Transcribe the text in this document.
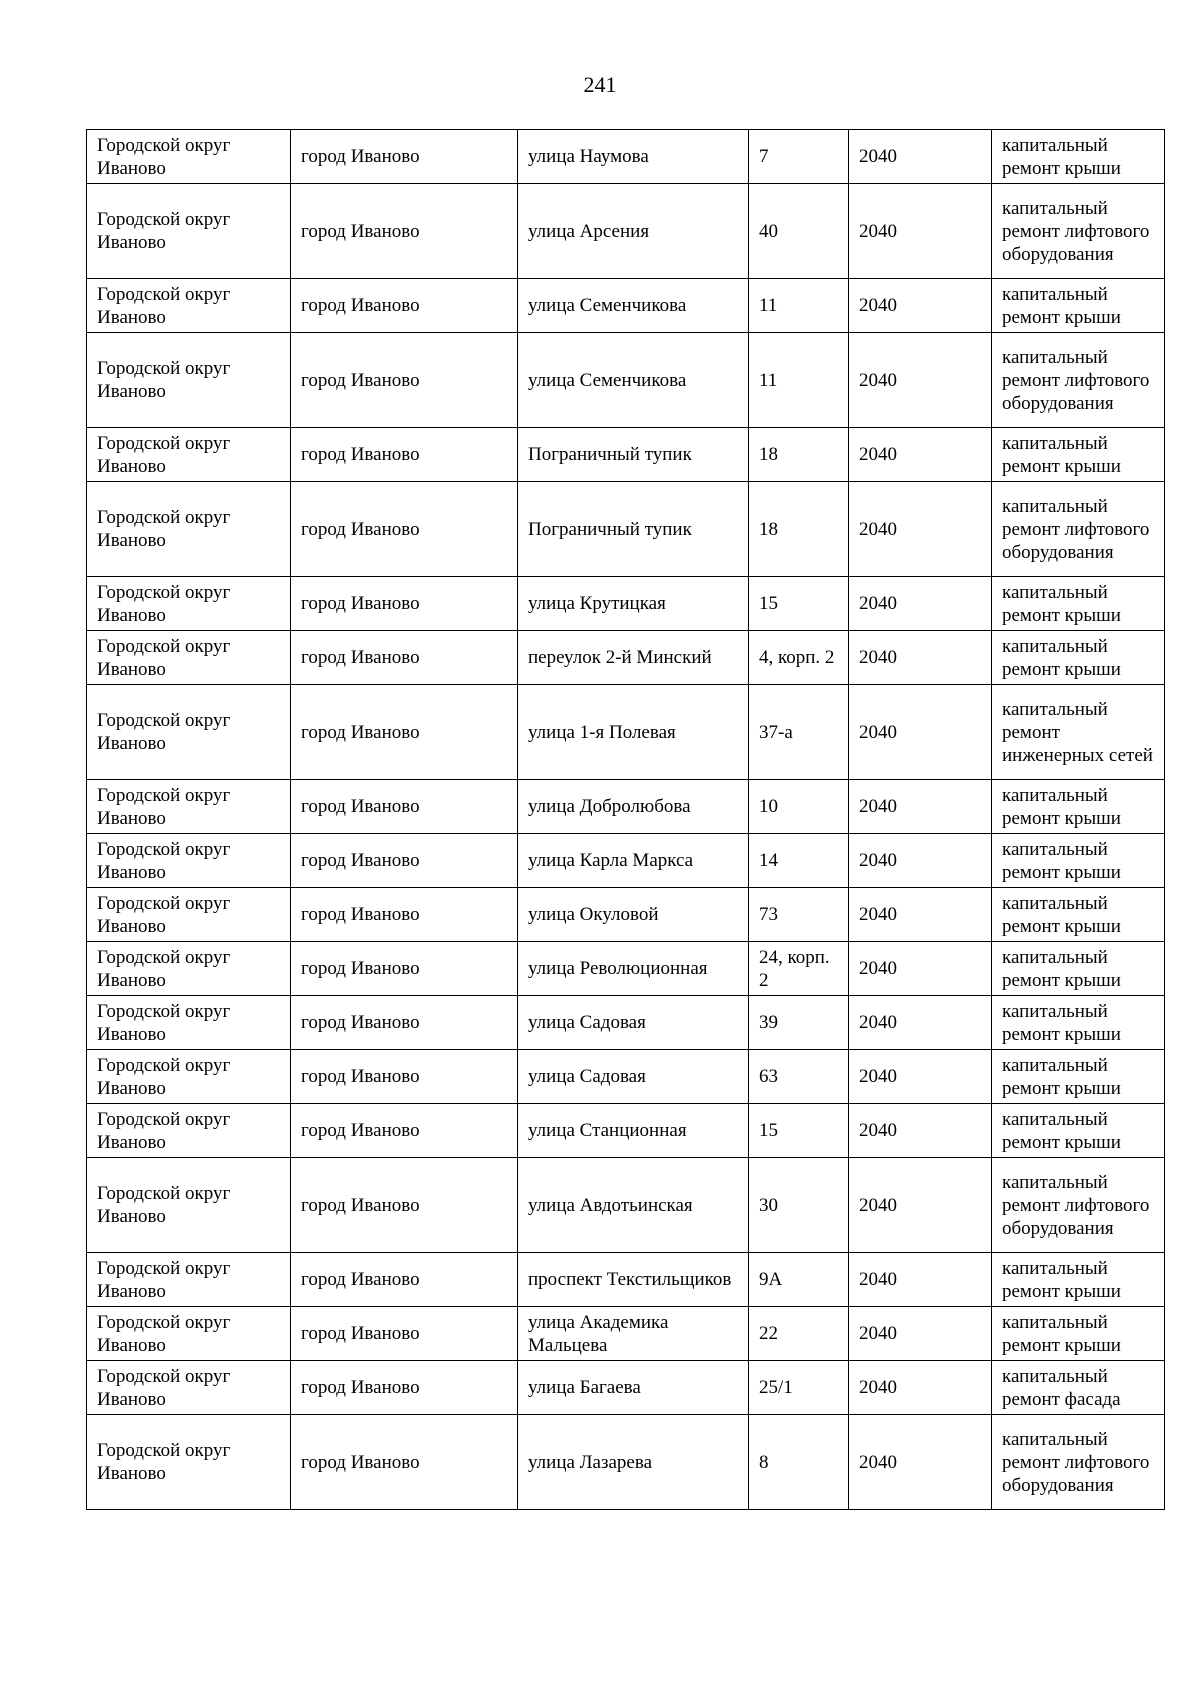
241
Городской округ Иваново	город Иваново	улица Наумова	7	2040	капитальный ремонт крыши
Городской округ Иваново	город Иваново	улица Арсения	40	2040	капитальный ремонт лифтового оборудования
Городской округ Иваново	город Иваново	улица Семенчикова	11	2040	капитальный ремонт крыши
Городской округ Иваново	город Иваново	улица Семенчикова	11	2040	капитальный ремонт лифтового оборудования
Городской округ Иваново	город Иваново	Пограничный тупик	18	2040	капитальный ремонт крыши
Городской округ Иваново	город Иваново	Пограничный тупик	18	2040	капитальный ремонт лифтового оборудования
Городской округ Иваново	город Иваново	улица Крутицкая	15	2040	капитальный ремонт крыши
Городской округ Иваново	город Иваново	переулок 2-й Минский	4, корп. 2	2040	капитальный ремонт крыши
Городской округ Иваново	город Иваново	улица 1-я Полевая	37-а	2040	капитальный ремонт инженерных сетей
Городской округ Иваново	город Иваново	улица Добролюбова	10	2040	капитальный ремонт крыши
Городской округ Иваново	город Иваново	улица Карла Маркса	14	2040	капитальный ремонт крыши
Городской округ Иваново	город Иваново	улица Окуловой	73	2040	капитальный ремонт крыши
Городской округ Иваново	город Иваново	улица Революционная	24, корп. 2	2040	капитальный ремонт крыши
Городской округ Иваново	город Иваново	улица Садовая	39	2040	капитальный ремонт крыши
Городской округ Иваново	город Иваново	улица Садовая	63	2040	капитальный ремонт крыши
Городской округ Иваново	город Иваново	улица Станционная	15	2040	капитальный ремонт крыши
Городской округ Иваново	город Иваново	улица Авдотьинская	30	2040	капитальный ремонт лифтового оборудования
Городской округ Иваново	город Иваново	проспект Текстильщиков	9А	2040	капитальный ремонт крыши
Городской округ Иваново	город Иваново	улица Академика Мальцева	22	2040	капитальный ремонт крыши
Городской округ Иваново	город Иваново	улица Багаева	25/1	2040	капитальный ремонт фасада
Городской округ Иваново	город Иваново	улица Лазарева	8	2040	капитальный ремонт лифтового оборудования
